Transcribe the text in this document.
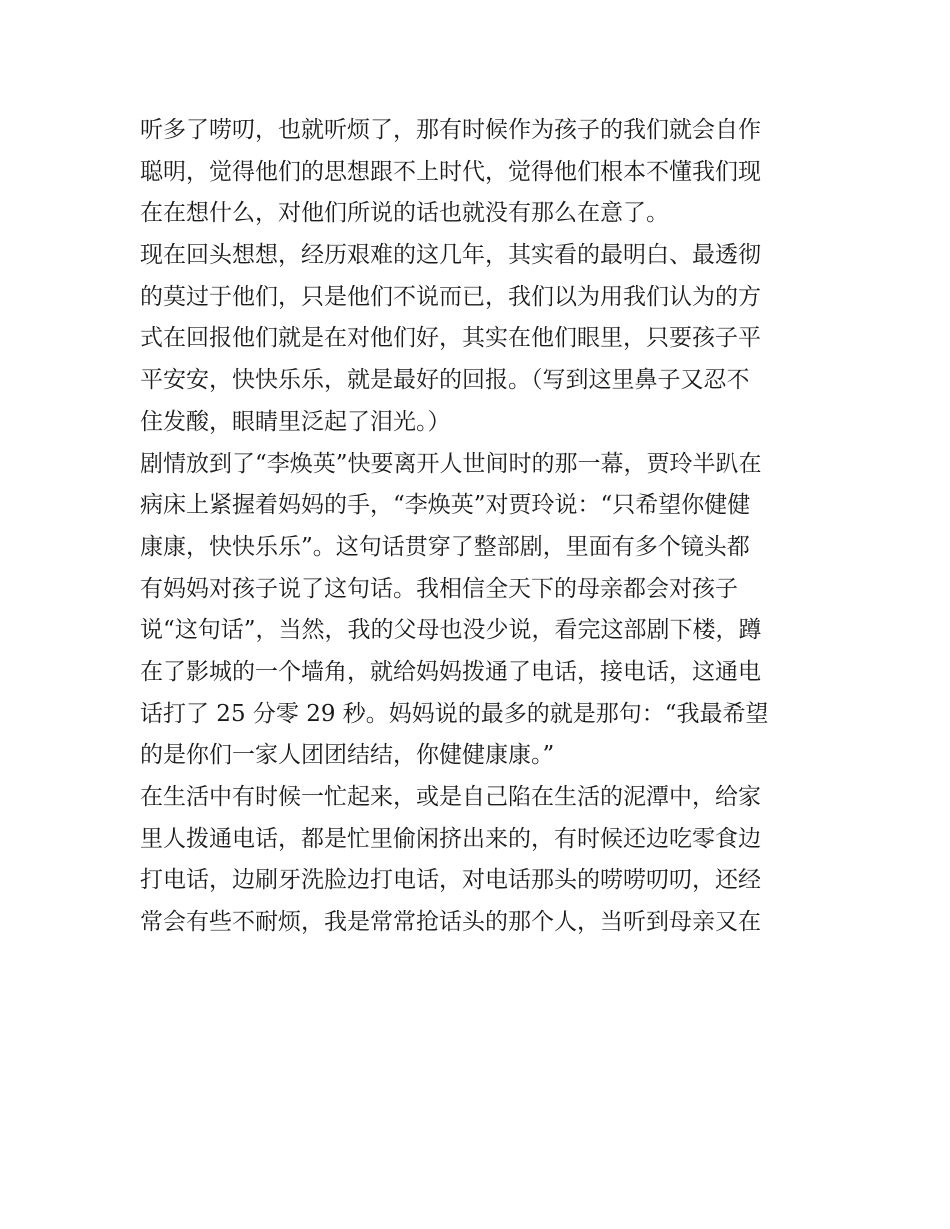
听多了唠叨，也就听烦了，那有时候作为孩子的我们就会自作
聪明，觉得他们的思想跟不上时代，觉得他们根本不懂我们现
在在想什么，对他们所说的话也就没有那么在意了。
现在回头想想，经历艰难的这几年，其实看的最明白、最透彻
的莫过于他们，只是他们不说而已，我们以为用我们认为的方
式在回报他们就是在对他们好，其实在他们眼里，只要孩子平
平安安，快快乐乐，就是最好的回报。（写到这里鼻子又忍不
住发酸，眼睛里泛起了泪光。）
剧情放到了“李焕英”快要离开人世间时的那一幕，贾玲半趴在
病床上紧握着妈妈的手，“李焕英”对贾玲说：“只希望你健健
康康，快快乐乐”。这句话贯穿了整部剧，里面有多个镜头都
有妈妈对孩子说了这句话。我相信全天下的母亲都会对孩子
说“这句话”，当然，我的父母也没少说，看完这部剧下楼，蹲
在了影城的一个墙角，就给妈妈拨通了电话，接电话，这通电
话打了 25 分零 29 秒。妈妈说的最多的就是那句：“我最希望
的是你们一家人团团结结，你健健康康。”
在生活中有时候一忙起来，或是自己陷在生活的泥潭中，给家
里人拨通电话，都是忙里偷闲挤出来的，有时候还边吃零食边
打电话，边刷牙洗脸边打电话，对电话那头的唠唠叨叨，还经
常会有些不耐烦，我是常常抢话头的那个人，当听到母亲又在
